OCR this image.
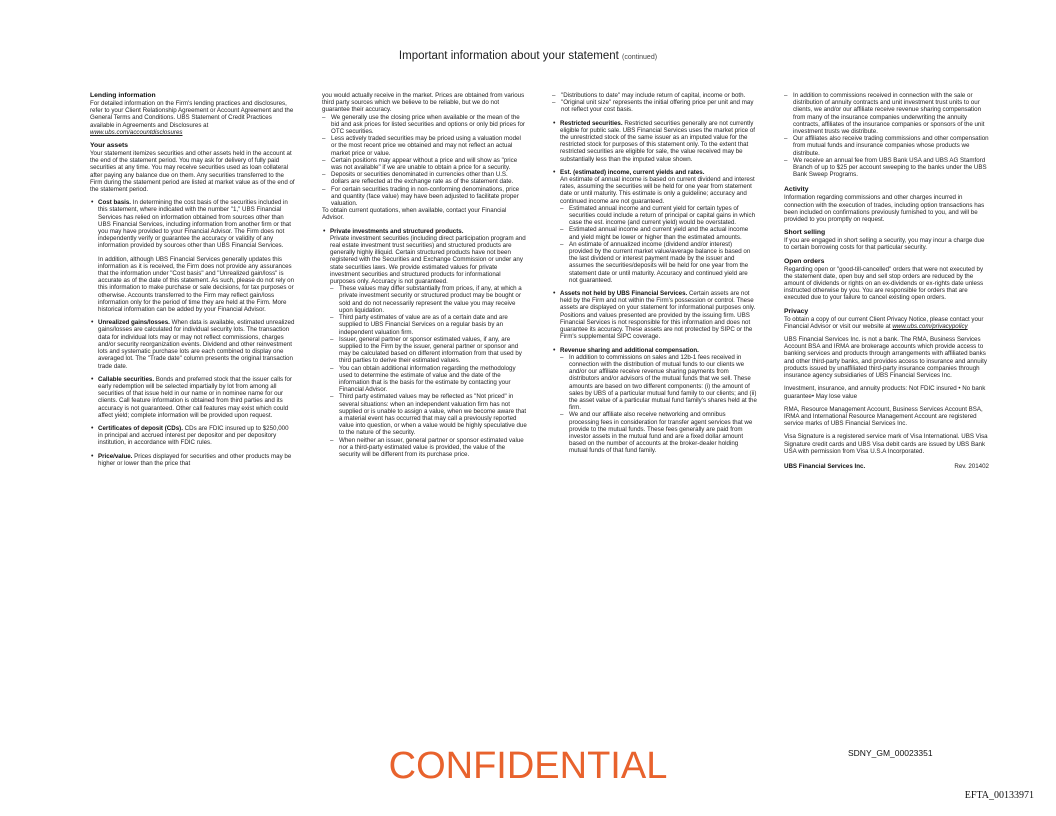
Important information about your statement (continued)
Lending information

For detailed information on the Firm's lending practices and disclosures, refer to your Client Relationship Agreement or Account Agreement and the General Terms and Conditions. UBS Statement of Credit Practices available in Agreements and Disclosures at
www.ubs.com/accountdisclosures

Your assets

Your statement itemizes securities and other assets held in the account at the end of the statement period. You may ask for delivery of fully paid securities at any time. You may receive securities used as loan collateral after paying any balance due on them. Any securities transferred to the Firm during the statement period are listed at market value as of the end of the statement period.

• Cost basis. In determining the cost basis of the securities included in this statement, where indicated with the number "1," UBS Financial Services has relied on information obtained from sources other than UBS Financial Services, including information from another firm or that you may have provided to your Financial Advisor. The Firm does not independently verify or guarantee the accuracy or validity of any information provided by sources other than UBS Financial Services.

In addition, although UBS Financial Services generally updates this information as it is received, the Firm does not provide any assurances that the information under "Cost basis" and "Unrealized gain/loss" is accurate as of the date of this statement. As such, please do not rely on this information to make purchase or sale decisions, for tax purposes or otherwise. Accounts transferred to the Firm may reflect gain/loss information only for the period of time they are held at the Firm. More historical information can be added by your Financial Advisor.

• Unrealized gains/losses. When data is available, estimated unrealized gains/losses are calculated for individual security lots. The transaction data for individual lots may or may not reflect commissions, charges and/or security reorganization events. Dividend and other reinvestment lots and systematic purchase lots are each combined to display one averaged lot. The "Trade date" column presents the original transaction trade date.
• Callable securities. Bonds and preferred stock that the issuer calls for early redemption will be selected impartially by lot from among all securities of that issue held in our name or in nominee name for our clients. Call feature information is obtained from third parties and its accuracy is not guaranteed. Other call features may exist which could affect yield; complete information will be provided upon request.
• Certificates of deposit (CDs). CDs are FDIC insured up to $250,000 in principal and accrued interest per depositor and per depository institution, in accordance with FDIC rules.
• Price/value. Prices displayed for securities and other products may be higher or lower than the price that

you would actually receive in the market. Prices are obtained from various third party sources which we believe to be reliable, but we do not guarantee their accuracy.

– We generally use the closing price when available or the mean of the bid and ask prices for listed securities and options or only bid prices for OTC securities.
– Less actively traded securities may be priced using a valuation model or the most recent price we obtained and may not reflect an actual market price or value.
– Certain positions may appear without a price and will show as "price was not available" if we are unable to obtain a price for a security.
– Deposits or securities denominated in currencies other than U.S. dollars are reflected at the exchange rate as of the statement date.
– For certain securities trading in non-conforming denominations, price and quantity (face value) may have been adjusted to facilitate proper valuation.

To obtain current quotations, when available, contact your Financial Advisor.

• Private investments and structured products.
Private investment securities (including direct participation program and real estate investment trust securities) and structured products are generally highly illiquid. Certain structured products have not been registered with the Securities and Exchange Commission or under any state securities laws. We provide estimated values for private investment securities and structured products for informational purposes only. Accuracy is not guaranteed.
– These values may differ substantially from prices, if any, at which a private investment security or structured product may be bought or sold and do not necessarily represent the value you may receive upon liquidation.
– Third party estimates of value are as of a certain date and are supplied to UBS Financial Services on a regular basis by an independent valuation firm.
– Issuer, general partner or sponsor estimated values, if any, are supplied to the Firm by the issuer, general partner or sponsor and may be calculated based on different information from that used by third parties to derive their estimated values.
– You can obtain additional information regarding the methodology used to determine the estimate of value and the date of the information that is the basis for the estimate by contacting your Financial Advisor.
– Third party estimated values may be reflected as "Not priced" in several situations: when an independent valuation firm has not supplied or is unable to assign a value, when we become aware that a material event has occurred that may call a previously reported value into question, or when a value would be highly speculative due to the nature of the security.
– When neither an issuer, general partner or sponsor estimated value nor a third-party estimated value is provided, the value of the security will be different from its purchase price.
– "Distributions to date" may include return of capital, income or both.
– "Original unit size" represents the initial offering price per unit and may not reflect your cost basis.
• Restricted securities. Restricted securities generally are not currently eligible for public sale. UBS Financial Services uses the market price of the unrestricted stock of the same issuer as an imputed value for the restricted stock for purposes of this statement only. To the extent that restricted securities are eligible for sale, the value received may be substantially less than the imputed value shown.
• Est. (estimated) income, current yields and rates.
An estimate of annual income is based on current dividend and interest rates, assuming the securities will be held for one year from statement date or until maturity. This estimate is only a guideline; accuracy and continued income are not guaranteed.
– Estimated annual income and current yield for certain types of securities could include a return of principal or capital gains in which case the est. income (and current yield) would be overstated.
– Estimated annual income and current yield and the actual income and yield might be lower or higher than the estimated amounts.
– An estimate of annualized income (dividend and/or interest) provided by the current market value/average balance is based on the last dividend or interest payment made by the issuer and assumes the securities/deposits will be held for one year from the statement date or until maturity. Accuracy and continued yield are not guaranteed.
• Assets not held by UBS Financial Services. Certain assets are not held by the Firm and not within the Firm's possession or control. These assets are displayed on your statement for informational purposes only. Positions and values presented are provided by the issuing firm. UBS Financial Services is not responsible for this information and does not guarantee its accuracy. These assets are not protected by SIPC or the Firm's supplemental SIPC coverage.
• Revenue sharing and additional compensation.
– In addition to commissions on sales and 12b-1 fees received in connection with the distribution of mutual funds to our clients we and/or our affiliate receive revenue sharing payments from distributors and/or advisors of the mutual funds that we sell. These amounts are based on two different components: (i) the amount of sales by UBS of a particular mutual fund family to our clients; and (ii) the asset value of a particular mutual fund family's shares held at the firm.
– We and our affiliate also receive networking and omnibus processing fees in consideration for transfer agent services that we provide to the mutual funds. These fees generally are paid from investor assets in the mutual fund and are a fixed dollar amount based on the number of accounts at the broker-dealer holding mutual funds of that fund family.
– In addition to commissions received in connection with the sale or distribution of annuity contracts and unit investment trust units to our clients, we and/or our affiliate receive revenue sharing compensation from many of the insurance companies underwriting the annuity contracts, affiliates of the insurance companies or sponsors of the unit investment trusts we distribute.
– Our affiliates also receive trading commissions and other compensation from mutual funds and insurance companies whose products we distribute.
– We receive an annual fee from UBS Bank USA and UBS AG Stamford Branch of up to $25 per account sweeping to the banks under the UBS Bank Sweep Programs.
Activity

Information regarding commissions and other charges incurred in connection with the execution of trades, including option transactions has been included on confirmations previously furnished to you, and will be provided to you promptly on request.

Short selling

If you are engaged in short selling a security, you may incur a charge due to certain borrowing costs for that particular security.

Open orders

Regarding open or "good-till-cancelled" orders that were not executed by the statement date, open buy and sell stop orders are reduced by the amount of dividends or rights on an ex-dividends or ex-rights date unless instructed otherwise by you. You are responsible for orders that are executed due to your failure to cancel existing open orders.

Privacy

To obtain a copy of our current Client Privacy Notice, please contact your Financial Advisor or visit our website at www.ubs.com/privacypolicy

UBS Financial Services Inc. is not a bank. The RMA, Business Services Account BSA and IRMA are brokerage accounts which provide access to banking services and products through arrangements with affiliated banks and other third-party banks, and provides access to insurance and annuity products issued by unaffiliated third-party insurance companies through insurance agency subsidiaries of UBS Financial Services Inc.

Investment, insurance, and annuity products: Not FDIC insured • No bank guarantee• May lose value

RMA, Resource Management Account, Business Services Account BSA, IRMA and International Resource Management Account are registered service marks of UBS Financial Services Inc.

Visa Signature is a registered service mark of Visa International. UBS Visa Signature credit cards and UBS Visa debit cards are issued by UBS Bank USA with permission from Visa U.S.A Incorporated.

UBS Financial Services Inc.	Rev. 201402
SDNY_GM_00023351
CONFIDENTIAL
EFTA_00133971
